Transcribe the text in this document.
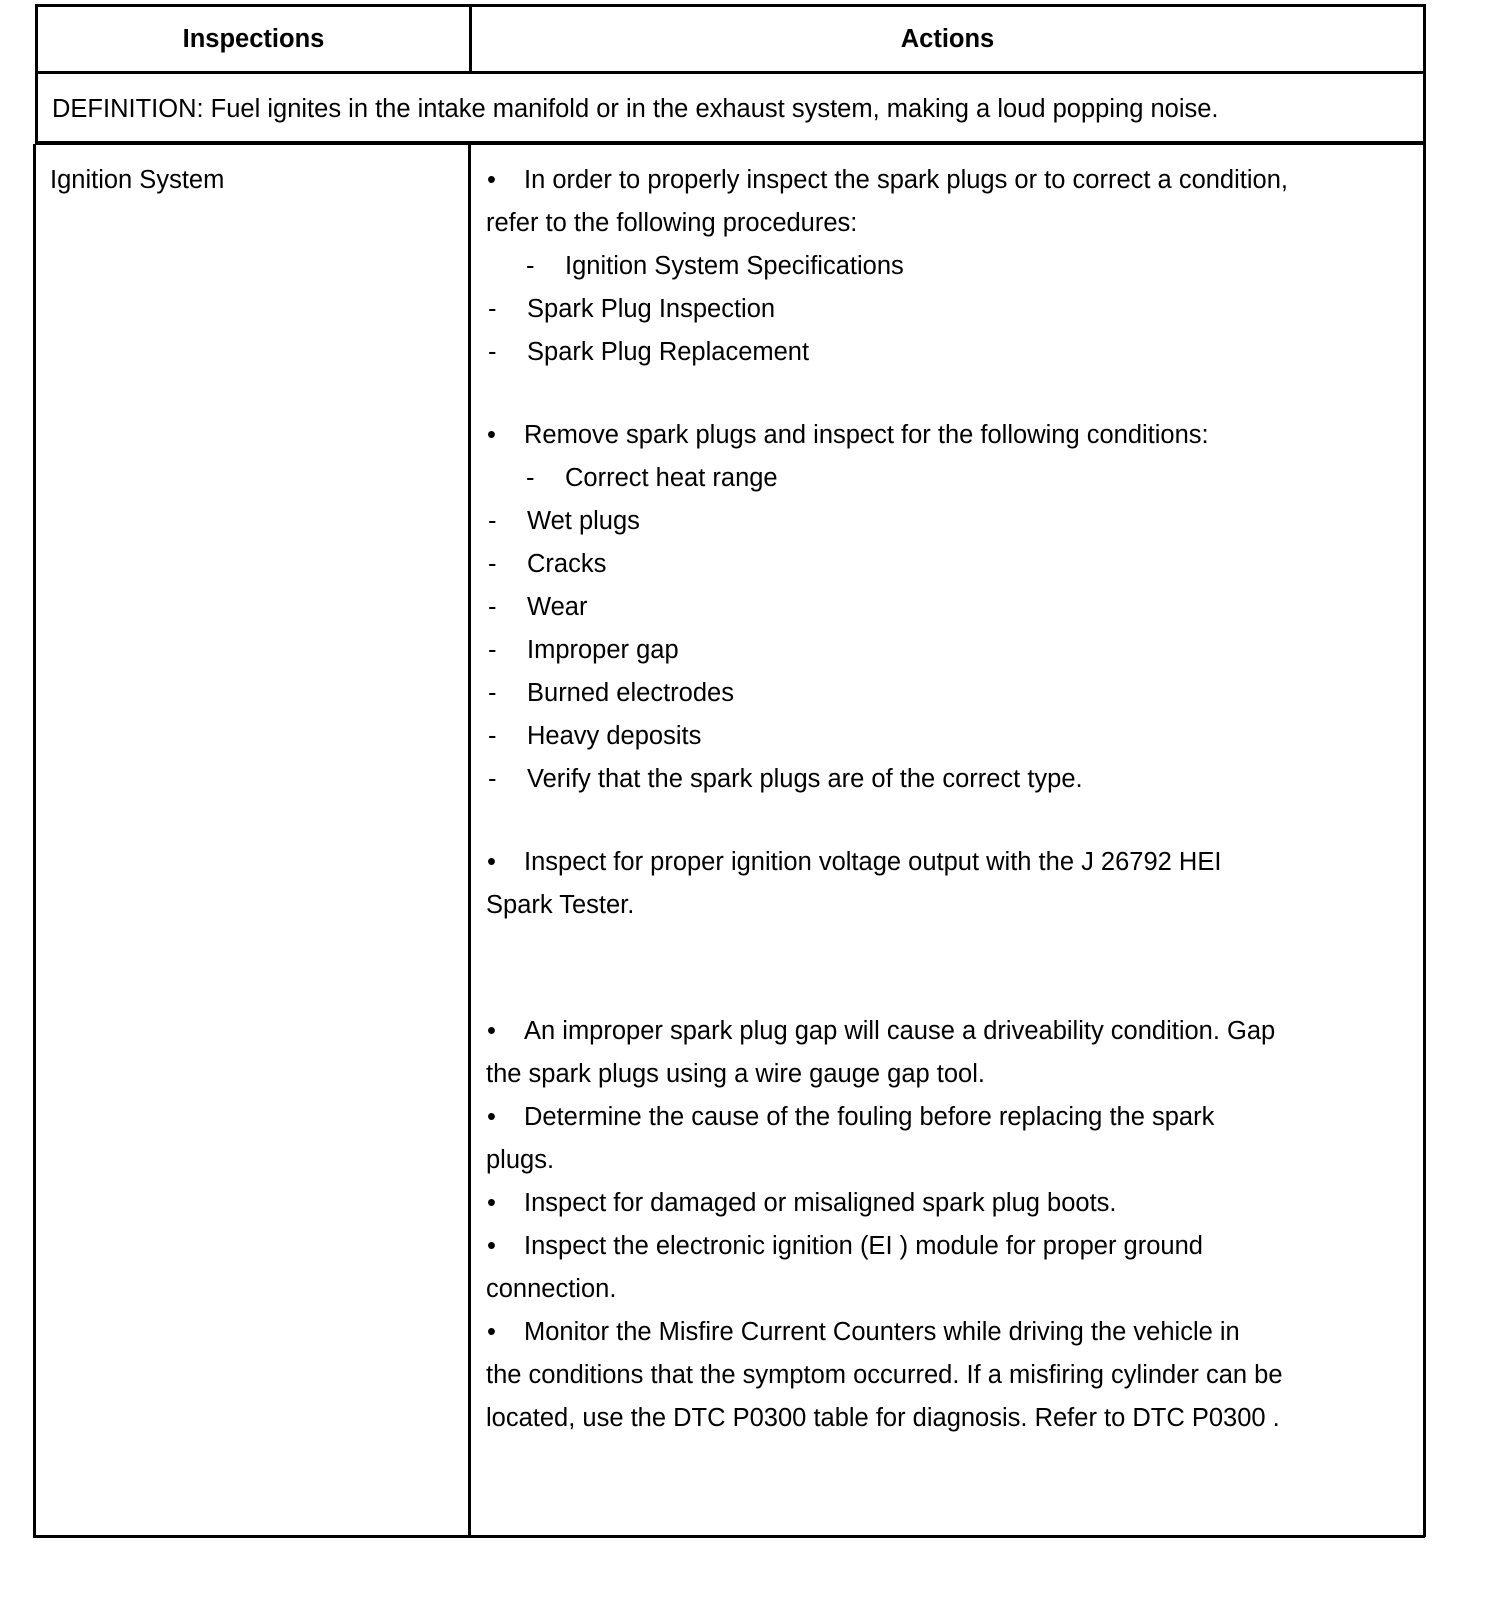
Inspections	Actions
DEFINITION: Fuel ignites in the intake manifold or in the exhaust system, making a loud popping noise.
Ignition System	• In order to properly inspect the spark plugs or to correct a condition,
refer to the following procedures:
- Ignition System Specifications
- Spark Plug Inspection
- Spark Plug Replacement
• Remove spark plugs and inspect for the following conditions:
- Correct heat range
- Wet plugs
- Cracks
- Wear
- Improper gap
- Burned electrodes
- Heavy deposits
- Verify that the spark plugs are of the correct type.
• Inspect for proper ignition voltage output with the J 26792 HEI
Spark Tester.
• An improper spark plug gap will cause a driveability condition. Gap
the spark plugs using a wire gauge gap tool.
• Determine the cause of the fouling before replacing the spark
plugs.
• Inspect for damaged or misaligned spark plug boots.
• Inspect the electronic ignition (EI ) module for proper ground
connection.
• Monitor the Misfire Current Counters while driving the vehicle in
the conditions that the symptom occurred. If a misfiring cylinder can be
located, use the DTC P0300 table for diagnosis. Refer to DTC P0300 .
